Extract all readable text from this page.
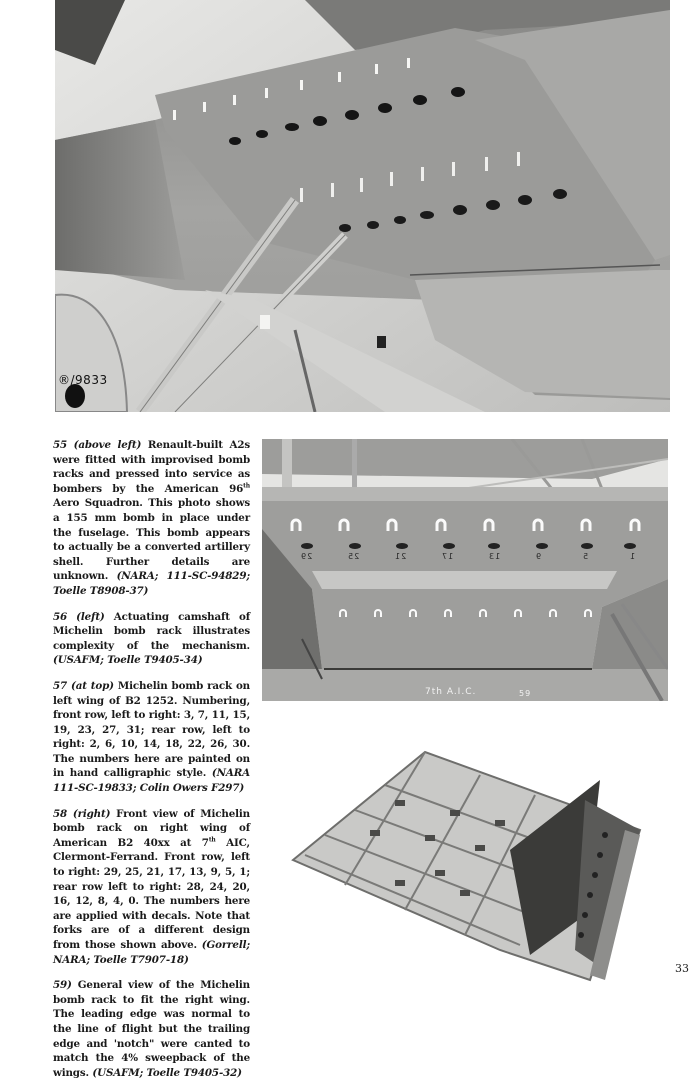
®/9833
7th A.I.C.	59
29	25	21	17	13	9	5	1

55 (above left) Renault-built A2s were fitted with improvised bomb racks and pressed into service as bombers by the American 96th Aero Squadron. This photo shows a 155 mm bomb in place under the fuselage. This bomb appears to actually be a converted artillery shell. Further details are unknown. (NARA; 111-SC-94829; Toelle T8908-37)

56 (left) Actuating camshaft of Michelin bomb rack illustrates complexity of the mechanism. (USAFM; Toelle T9405-34)

57 (at top) Michelin bomb rack on left wing of B2 1252. Numbering, front row, left to right: 3, 7, 11, 15, 19, 23, 27, 31; rear row, left to right: 2, 6, 10, 14, 18, 22, 26, 30. The numbers here are painted on in hand calligraphic style. (NARA 111-SC-19833; Colin Owers F297)

58 (right) Front view of Michelin bomb rack on right wing of American B2 40xx at 7th AIC, Clermont-Ferrand. Front row, left to right: 29, 25, 21, 17, 13, 9, 5, 1; rear row left to right: 28, 24, 20, 16, 12, 8, 4, 0. The numbers here are applied with decals. Note that forks are of a different design from those shown above. (Gorrell; NARA; Toelle T7907-18)

59) General view of the Michelin bomb rack to fit the right wing. The leading edge was normal to the line of flight but the trailing edge and 'notch" were canted to match the 4% sweepback of the wings. (USAFM; Toelle T9405-32)

33
